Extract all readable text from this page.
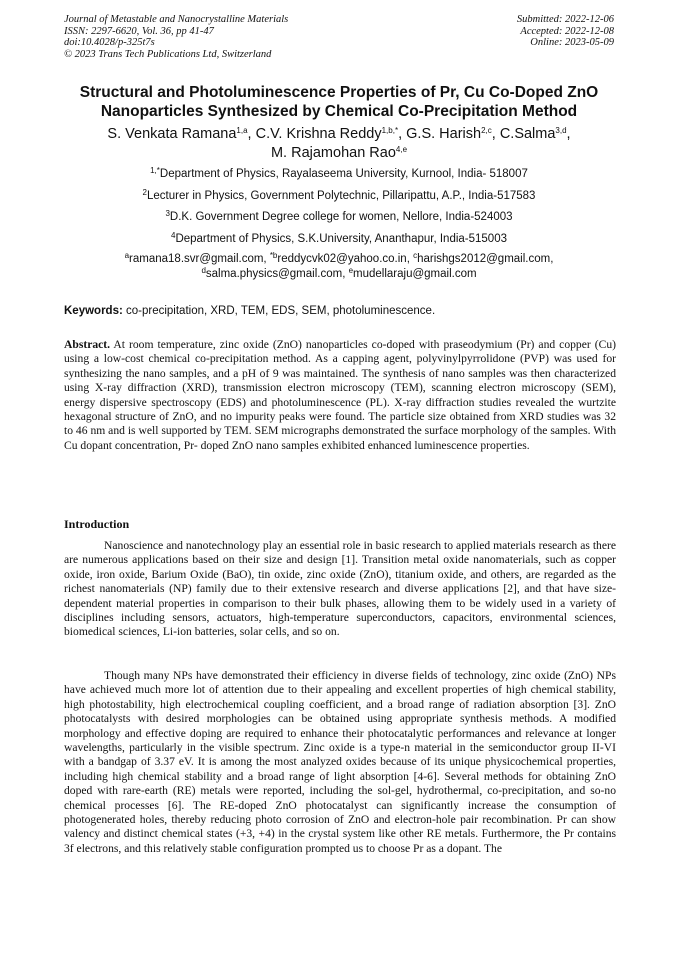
Journal of Metastable and Nanocrystalline Materials
ISSN: 2297-6620, Vol. 36, pp 41-47
doi:10.4028/p-325t7s
© 2023 Trans Tech Publications Ltd, Switzerland
Submitted: 2022-12-06
Accepted: 2022-12-08
Online: 2023-05-09
Structural and Photoluminescence Properties of Pr, Cu Co-Doped ZnO
Nanoparticles Synthesized by Chemical Co-Precipitation Method
S. Venkata Ramana$^{1,a}$, C.V. Krishna Reddy$^{1,b,*}$, G.S. Harish$^{2,c}$, C.Salma$^{3,d}$,
M. Rajamohan Rao$^{4,e}$
$^{1,*}$Department of Physics, Rayalaseema University, Kurnool, India- 518007
$^2$Lecturer in Physics, Government Polytechnic, Pillaripattu, A.P., India-517583
$^3$D.K. Government Degree college for women, Nellore, India-524003
$^4$Department of Physics, S.K.University, Ananthapur, India-515003
$^a$ramana18.svr@gmail.com, $^{*b}$reddycvk02@yahoo.co.in, $^c$harishgs2012@gmail.com,
$^d$salma.physics@gmail.com, $^e$mudellaraju@gmail.com
Keywords: co-precipitation, XRD, TEM, EDS, SEM, photoluminescence.
Abstract. At room temperature, zinc oxide (ZnO) nanoparticles co-doped with praseodymium (Pr) and copper (Cu) using a low-cost chemical co-precipitation method. As a capping agent, polyvinylpyrrolidone (PVP) was used for synthesizing the nano samples, and a pH of 9 was maintained. The synthesis of nano samples was then characterized using X-ray diffraction (XRD), transmission electron microscopy (TEM), scanning electron microscopy (SEM), energy dispersive spectroscopy (EDS) and photoluminescence (PL). X-ray diffraction studies revealed the wurtzite hexagonal structure of ZnO, and no impurity peaks were found. The particle size obtained from XRD studies was 32 to 46 nm and is well supported by TEM. SEM micrographs demonstrated the surface morphology of the samples. With Cu dopant concentration, Pr- doped ZnO nano samples exhibited enhanced luminescence properties.
Introduction

Nanoscience and nanotechnology play an essential role in basic research to applied materials research as there are numerous applications based on their size and design [1]. Transition metal oxide nanomaterials, such as copper oxide, iron oxide, Barium Oxide (BaO), tin oxide, zinc oxide (ZnO), titanium oxide, and others, are regarded as the richest nanomaterials (NP) family due to their extensive research and diverse applications [2], and that have size-dependent material properties in comparison to their bulk phases, allowing them to be widely used in a variety of disciplines including sensors, actuators, high-temperature superconductors, capacitors, environmental sciences, biomedical sciences, Li-ion batteries, solar cells, and so on.

Though many NPs have demonstrated their efficiency in diverse fields of technology, zinc oxide (ZnO) NPs have achieved much more lot of attention due to their appealing and excellent properties of high chemical stability, high photostability, high electrochemical coupling coefficient, and a broad range of radiation absorption [3]. ZnO photocatalysts with desired morphologies can be obtained using appropriate synthesis methods. A modified morphology and effective doping are required to enhance their photocatalytic performances and relevance at longer wavelengths, particularly in the visible spectrum. Zinc oxide is a type-n material in the semiconductor group II-VI with a bandgap of 3.37 eV. It is among the most analyzed oxides because of its unique physicochemical properties, including high chemical stability and a broad range of light absorption [4-6]. Several methods for obtaining ZnO doped with rare-earth (RE) metals were reported, including the sol-gel, hydrothermal, co-precipitation, and so-no chemical processes [6]. The RE-doped ZnO photocatalyst can significantly increase the consumption of photogenerated holes, thereby reducing photo corrosion of ZnO and electron-hole pair recombination. Pr can show valency and distinct chemical states (+3, +4) in the crystal system like other RE metals. Furthermore, the Pr contains 3f electrons, and this relatively stable configuration prompted us to choose Pr as a dopant. The
